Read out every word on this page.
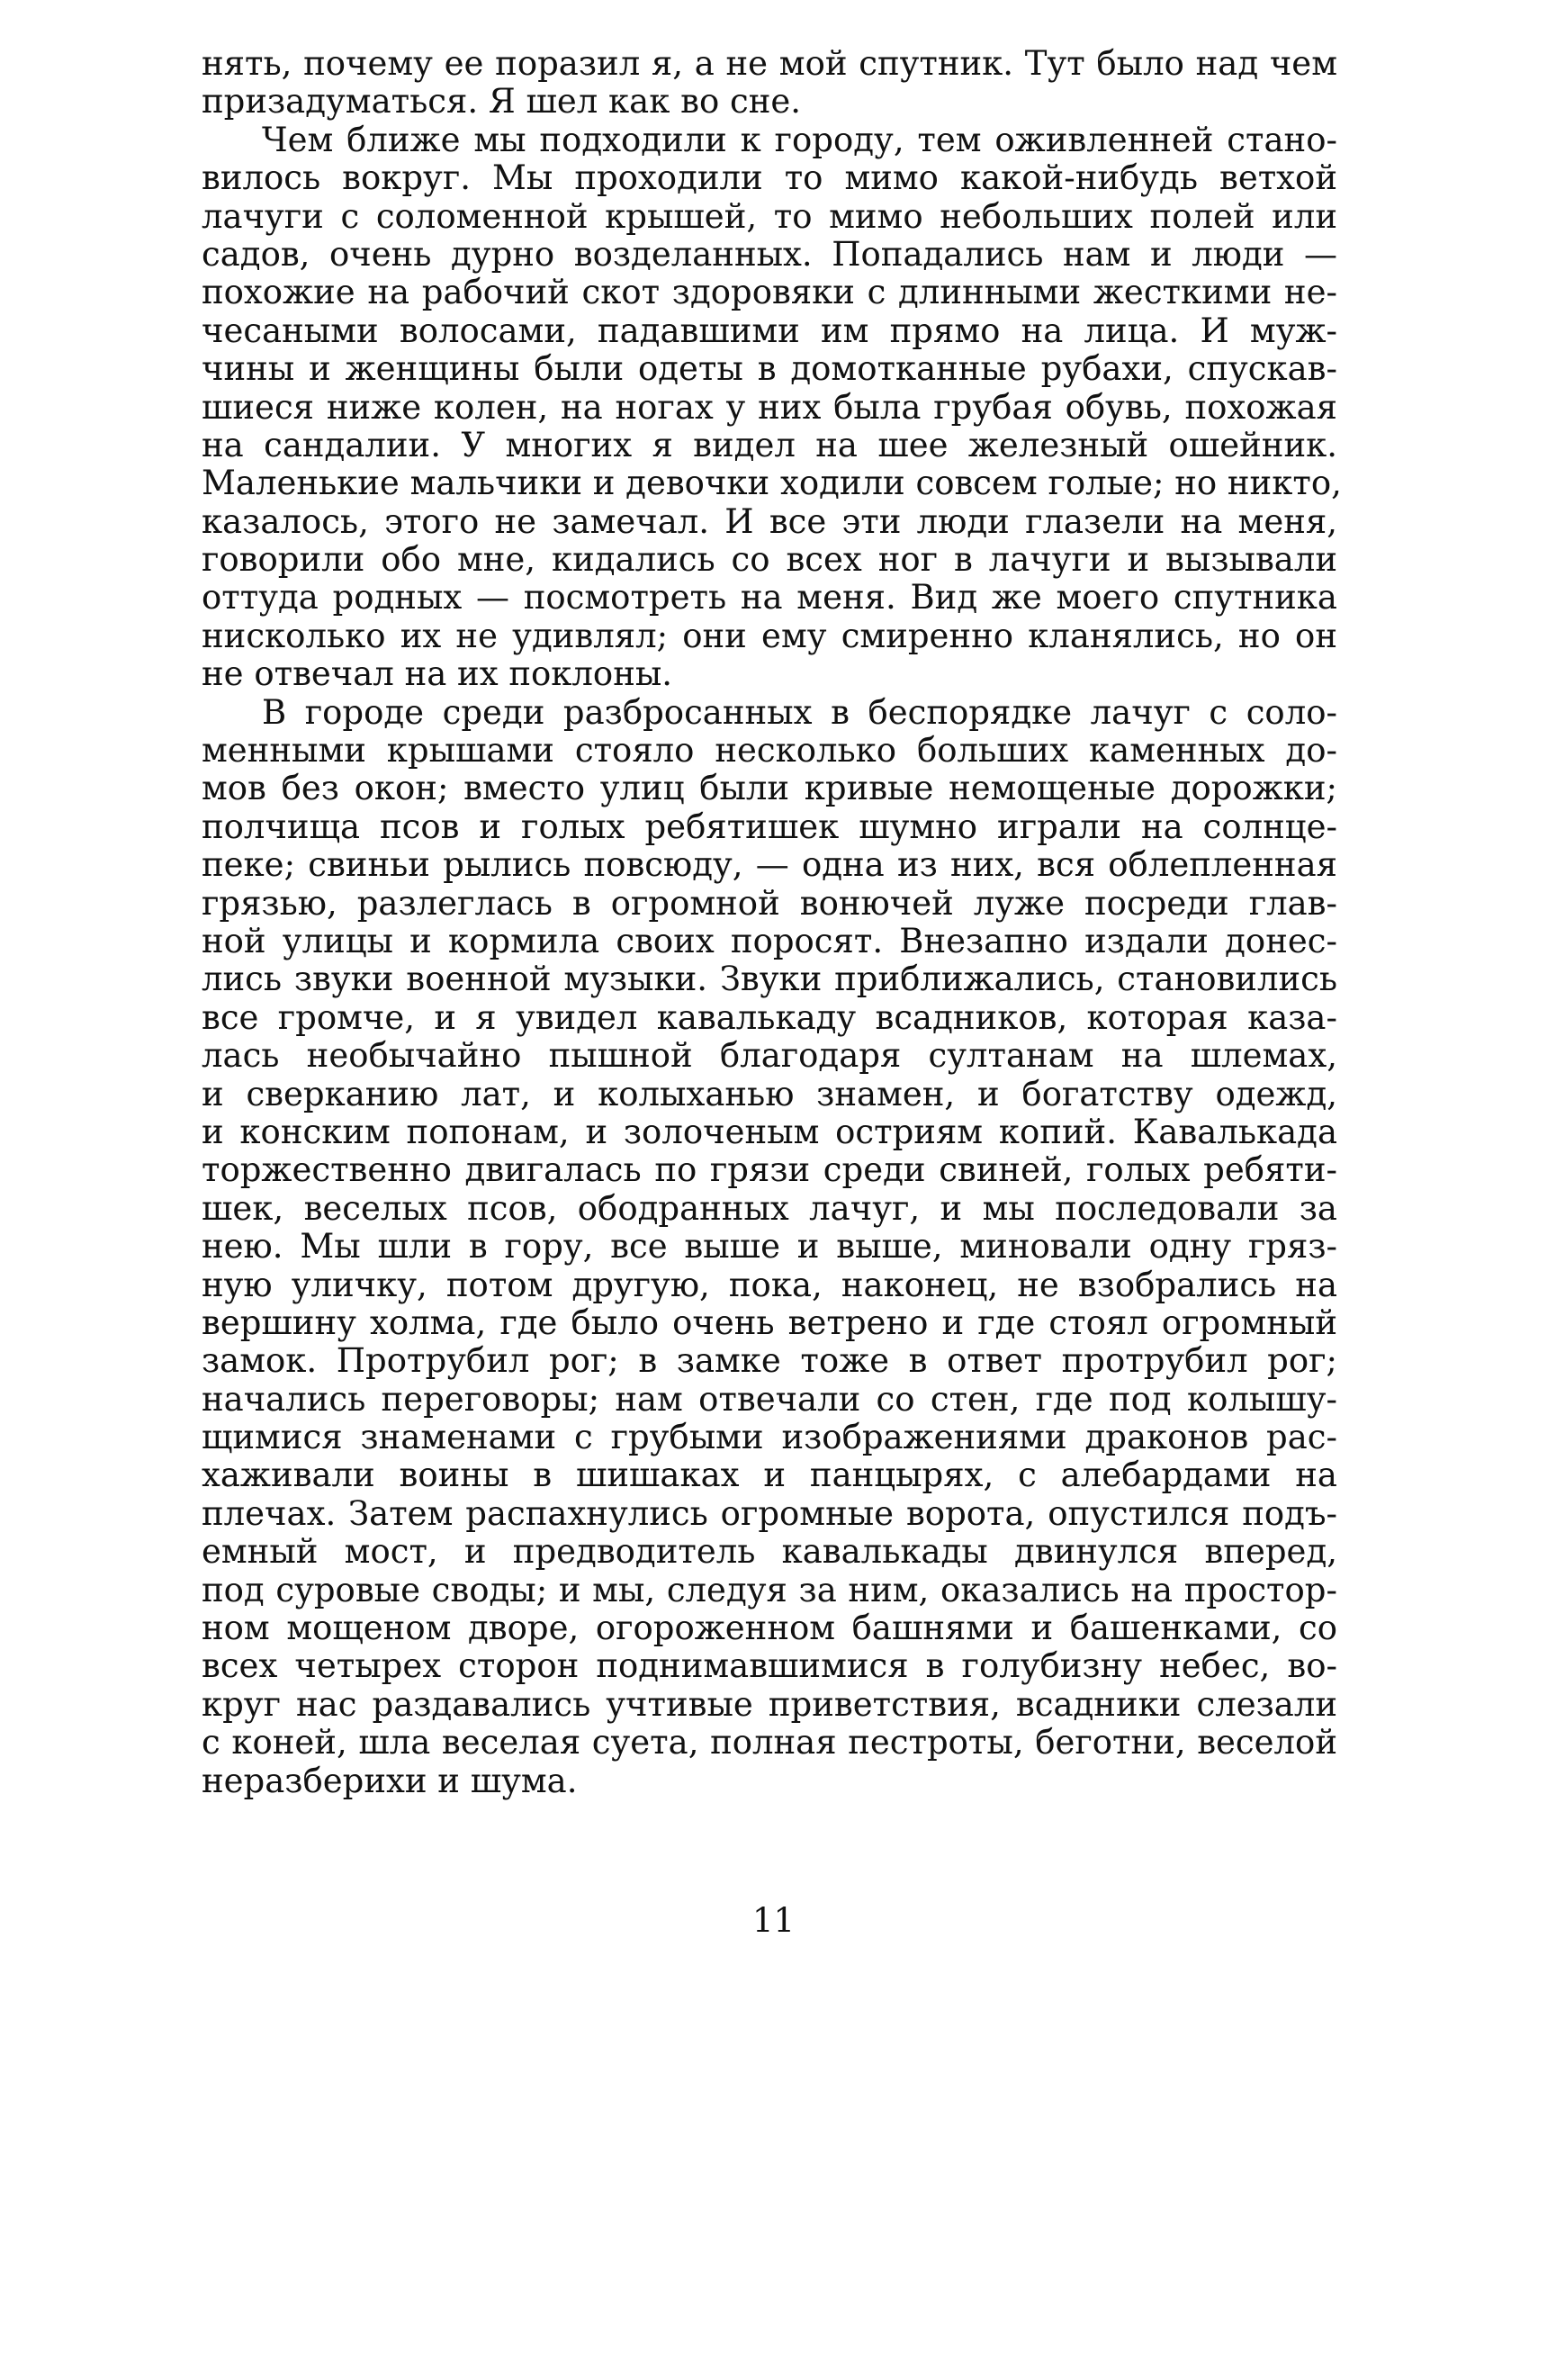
нять, почему ее поразил я, а не мой спутник. Тут было над чем
призадуматься. Я шел как во сне.
Чем ближе мы подходили к городу, тем оживленней стано-
вилось вокруг. Мы проходили то мимо какой-нибудь ветхой
лачуги с соломенной крышей, то мимо небольших полей или
садов, очень дурно возделанных. Попадались нам и люди —
похожие на рабочий скот здоровяки с длинными жесткими не-
чесаными волосами, падавшими им прямо на лица. И муж-
чины и женщины были одеты в домотканные рубахи, спускав-
шиеся ниже колен, на ногах у них была грубая обувь, похожая
на сандалии. У многих я видел на шее железный ошейник.
Маленькие мальчики и девочки ходили совсем голые; но никто,
казалось, этого не замечал. И все эти люди глазели на меня,
говорили обо мне, кидались со всех ног в лачуги и вызывали
оттуда родных — посмотреть на меня. Вид же моего спутника
нисколько их не удивлял; они ему смиренно кланялись, но он
не отвечал на их поклоны.
В городе среди разбросанных в беспорядке лачуг с соло-
менными крышами стояло несколько больших каменных до-
мов без окон; вместо улиц были кривые немощеные дорожки;
полчища псов и голых ребятишек шумно играли на солнце-
пеке; свиньи рылись повсюду, — одна из них, вся облепленная
грязью, разлеглась в огромной вонючей луже посреди глав-
ной улицы и кормила своих поросят. Внезапно издали донес-
лись звуки военной музыки. Звуки приближались, становились
все громче, и я увидел кавалькаду всадников, которая каза-
лась необычайно пышной благодаря султанам на шлемах,
и сверканию лат, и колыханью знамен, и богатству одежд,
и конским попонам, и золоченым остриям копий. Кавалькада
торжественно двигалась по грязи среди свиней, голых ребяти-
шек, веселых псов, ободранных лачуг, и мы последовали за
нею. Мы шли в гору, все выше и выше, миновали одну гряз-
ную уличку, потом другую, пока, наконец, не взобрались на
вершину холма, где было очень ветрено и где стоял огромный
замок. Протрубил рог; в замке тоже в ответ протрубил рог;
начались переговоры; нам отвечали со стен, где под колышу-
щимися знаменами с грубыми изображениями драконов рас-
хаживали воины в шишаках и панцырях, с алебардами на
плечах. Затем распахнулись огромные ворота, опустился подъ-
емный мост, и предводитель кавалькады двинулся вперед,
под суровые своды; и мы, следуя за ним, оказались на простор-
ном мощеном дворе, огороженном башнями и башенками, со
всех четырех сторон поднимавшимися в голубизну небес, во-
круг нас раздавались учтивые приветствия, всадники слезали
с коней, шла веселая суета, полная пестроты, беготни, веселой
неразберихи и шума.
11
